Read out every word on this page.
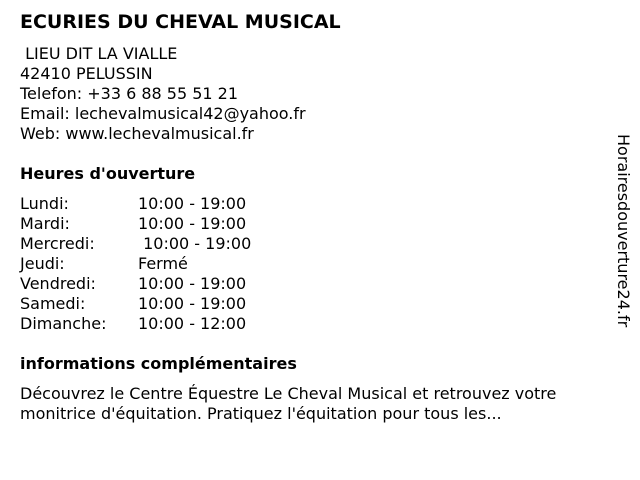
ECURIES DU CHEVAL MUSICAL
LIEU DIT LA VIALLE
42410 PELUSSIN
Telefon: +33 6 88 55 51 21
Email: lechevalmusical42@yahoo.fr
Web: www.lechevalmusical.fr
Heures d'ouverture
Lundi:	10:00 - 19:00
Mardi:	10:00 - 19:00
Mercredi:	10:00 - 19:00
Jeudi:	Fermé
Vendredi:	10:00 - 19:00
Samedi:	10:00 - 19:00
Dimanche:	10:00 - 12:00
informations complémentaires
Découvrez le Centre Équestre Le Cheval Musical et retrouvez votre monitrice d'équitation. Pratiquez l'équitation pour tous les...
Horairesdouverture24.fr
